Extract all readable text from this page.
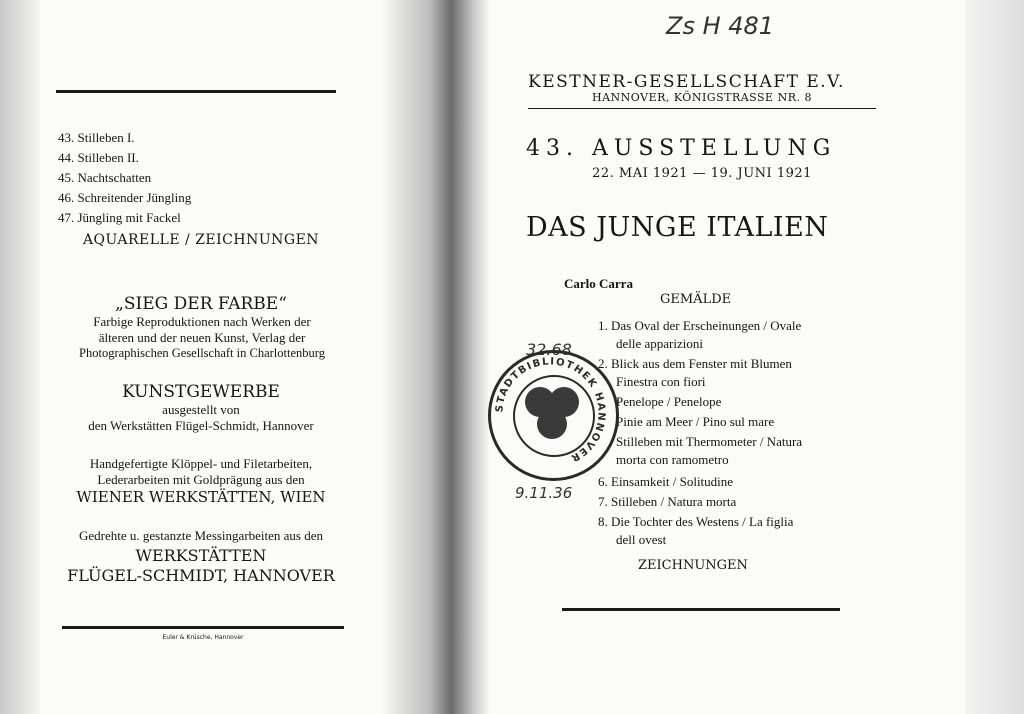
43. Stilleben I.
44. Stilleben II.
45. Nachtschatten
46. Schreitender Jüngling
47. Jüngling mit Fackel
AQUARELLE / ZEICHNUNGEN
„SIEG DER FARBE“
Farbige Reproduktionen nach Werken der
älteren und der neuen Kunst, Verlag der
Photographischen Gesellschaft in Charlottenburg
KUNSTGEWERBE
ausgestellt von
den Werkstätten Flügel-Schmidt, Hannover
Handgefertigte Klöppel- und Filetarbeiten,
Lederarbeiten mit Goldprägung aus den
WIENER WERKSTÄTTEN, WIEN
Gedrehte u. gestanzte Messingarbeiten aus den
WERKSTÄTTEN
FLÜGEL-SCHMIDT, HANNOVER
Euler & Krüsche, Hannover
Zs H 481
KESTNER-GESELLSCHAFT E.V.
HANNOVER, KÖNIGSTRASSE NR. 8
43. AUSSTELLUNG
22. MAI 1921 — 19. JUNI 1921
DAS JUNGE ITALIEN
Carlo Carra
GEMÄLDE
1. Das Oval der Erscheinungen / Ovale
delle apparizioni
2. Blick aus dem Fenster mit Blumen
Finestra con fiori
Penelope / Penelope
Pinie am Meer / Pino sul mare
Stilleben mit Thermometer / Natura
morta con ramometro
6. Einsamkeit / Solitudine
7. Stilleben / Natura morta
8. Die Tochter des Westens / La figlia
dell ovest
ZEICHNUNGEN
32.68
STADTBIBLIOTHEK HANNOVER
9.11.36
